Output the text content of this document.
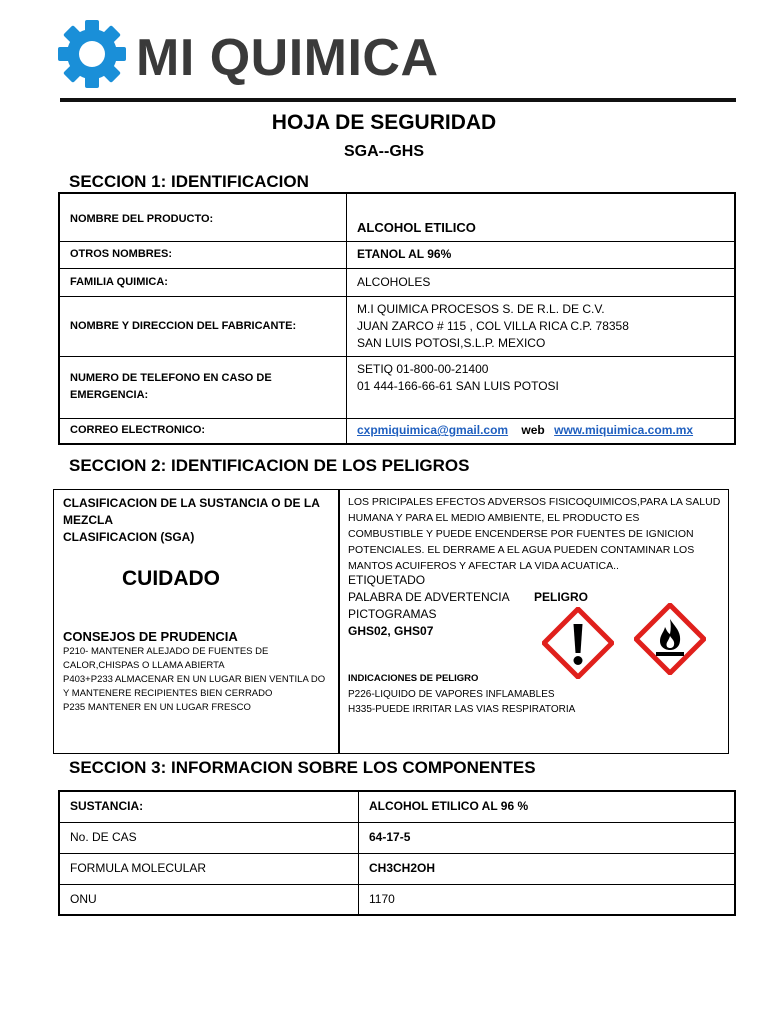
MI QUIMICA
HOJA DE SEGURIDAD
SGA--GHS
SECCION 1: IDENTIFICACION
NOMBRE DEL PRODUCTO:	ALCOHOL ETILICO
OTROS NOMBRES:	ETANOL AL 96%
FAMILIA QUIMICA:	ALCOHOLES
NOMBRE Y DIRECCION DEL FABRICANTE:	M.I QUIMICA PROCESOS S. DE R.L. DE C.V.
JUAN ZARCO # 115 , COL VILLA RICA C.P. 78358
SAN LUIS POTOSI,S.L.P. MEXICO

NUMERO DE TELEFONO EN CASO DE EMERGENCIA:	SETIQ 01-800-00-21400
01 444-166-66-61 SAN LUIS POTOSI

CORREO ELECTRONICO:	cxpmiquimica@gmail.com web www.miquimica.com.mx
SECCION 2: IDENTIFICACION DE LOS PELIGROS
CLASIFICACION DE LA SUSTANCIA O DE LA
MEZCLA
CLASIFICACION (SGA)
CUIDADO
CONSEJOS DE PRUDENCIA
P210- MANTENER ALEJADO DE FUENTES DE
CALOR,CHISPAS O LLAMA ABIERTA
P403+P233 ALMACENAR EN UN LUGAR BIEN VENTILA DO
Y MANTENERE RECIPIENTES BIEN CERRADO
P235 MANTENER EN UN LUGAR FRESCO
LOS PRICIPALES EFECTOS ADVERSOS FISICOQUIMICOS,PARA LA SALUD
HUMANA Y PARA EL MEDIO AMBIENTE, EL PRODUCTO ES
COMBUSTIBLE Y PUEDE ENCENDERSE POR FUENTES DE IGNICION
POTENCIALES. EL DERRAME A EL AGUA PUEDEN CONTAMINAR LOS
MANTOS ACUIFEROS Y AFECTAR LA VIDA ACUATICA..
ETIQUETADO
PALABRA DE ADVERTENCIA PELIGRO
PICTOGRAMAS
GHS02, GHS07
INDICACIONES DE PELIGRO
P226-LIQUIDO DE VAPORES INFLAMABLES
H335-PUEDE IRRITAR LAS VIAS RESPIRATORIA
SECCION 3: INFORMACION SOBRE LOS COMPONENTES
SUSTANCIA:	ALCOHOL ETILICO AL 96 %
No. DE CAS	64-17-5
FORMULA MOLECULAR	CH3CH2OH
ONU	1170
